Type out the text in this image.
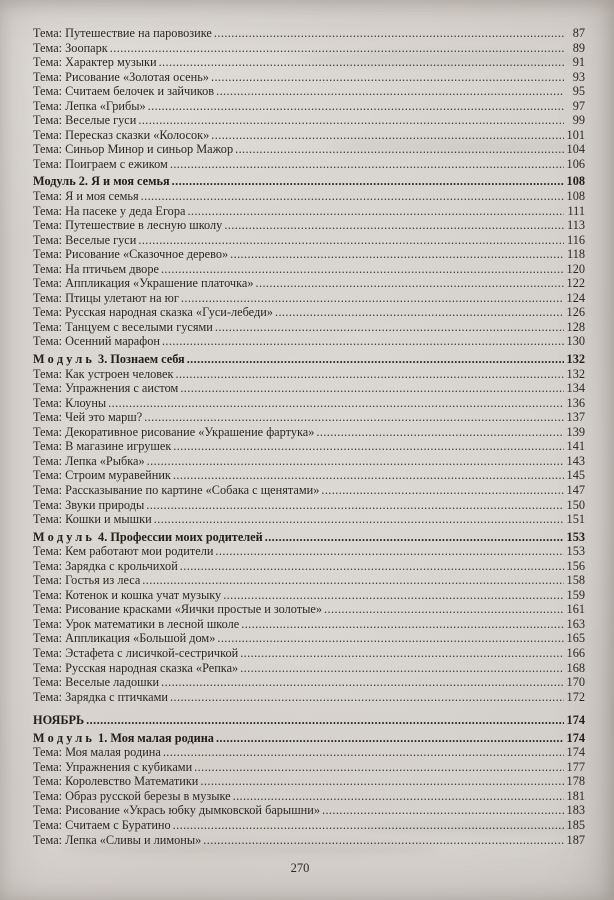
Тема: Путешествие на паровозике .....	87
Тема: Зоопарк .....	89
Тема: Характер музыки .....	91
Тема: Рисование «Золотая осень» .....	93
Тема: Считаем белочек и зайчиков .....	95
Тема: Лепка «Грибы» .....	97
Тема: Веселые гуси .....	99
Тема: Пересказ сказки «Колосок» .....	101
Тема: Синьор Минор и синьор Мажор .....	104
Тема: Поиграем с ежиком .....	106
Модуль 2. Я и моя семья .....	108
Тема: Я и моя семья .....	108
Тема: На пасеке у деда Егора .....	111
Тема: Путешествие в лесную школу .....	113
Тема: Веселые гуси .....	116
Тема: Рисование «Сказочное дерево» .....	118
Тема: На птичьем дворе .....	120
Тема: Аппликация «Украшение платочка» .....	122
Тема: Птицы улетают на юг .....	124
Тема: Русская народная сказка «Гуси-лебеди» .....	126
Тема: Танцуем с веселыми гусями .....	128
Тема: Осенний марафон .....	130
М о д у л ь  3. Познаем себя .....	132
Тема: Как устроен человек .....	132
Тема: Упражнения с аистом .....	134
Тема: Клоуны .....	136
Тема: Чей это марш? .....	137
Тема: Декоративное рисование «Украшение фартука» .....	139
Тема: В магазине игрушек .....	141
Тема: Лепка «Рыбка» .....	143
Тема: Строим муравейник .....	145
Тема: Рассказывание по картине «Собака с щенятами» .....	147
Тема: Звуки природы .....	150
Тема: Кошки и мышки .....	151
М о д у л ь  4. Профессии моих родителей .....	153
Тема: Кем работают мои родители .....	153
Тема: Зарядка с крольчихой .....	156
Тема: Гостья из леса .....	158
Тема: Котенок и кошка учат музыку .....	159
Тема: Рисование красками «Яички простые и золотые» .....	161
Тема: Урок математики в лесной школе .....	163
Тема: Аппликация «Большой дом» .....	165
Тема: Эстафета с лисичкой-сестричкой .....	166
Тема: Русская народная сказка «Репка» .....	168
Тема: Веселые ладошки .....	170
Тема: Зарядка с птичками .....	172
НОЯБРЬ .....	174
М о д у л ь  1. Моя малая родина .....	174
Тема: Моя малая родина .....	174
Тема: Упражнения с кубиками .....	177
Тема: Королевство Математики .....	178
Тема: Образ русской березы в музыке .....	181
Тема: Рисование «Укрась юбку дымковской барышни» .....	183
Тема: Считаем с Буратино .....	185
Тема: Лепка «Сливы и лимоны» .....	187
270
